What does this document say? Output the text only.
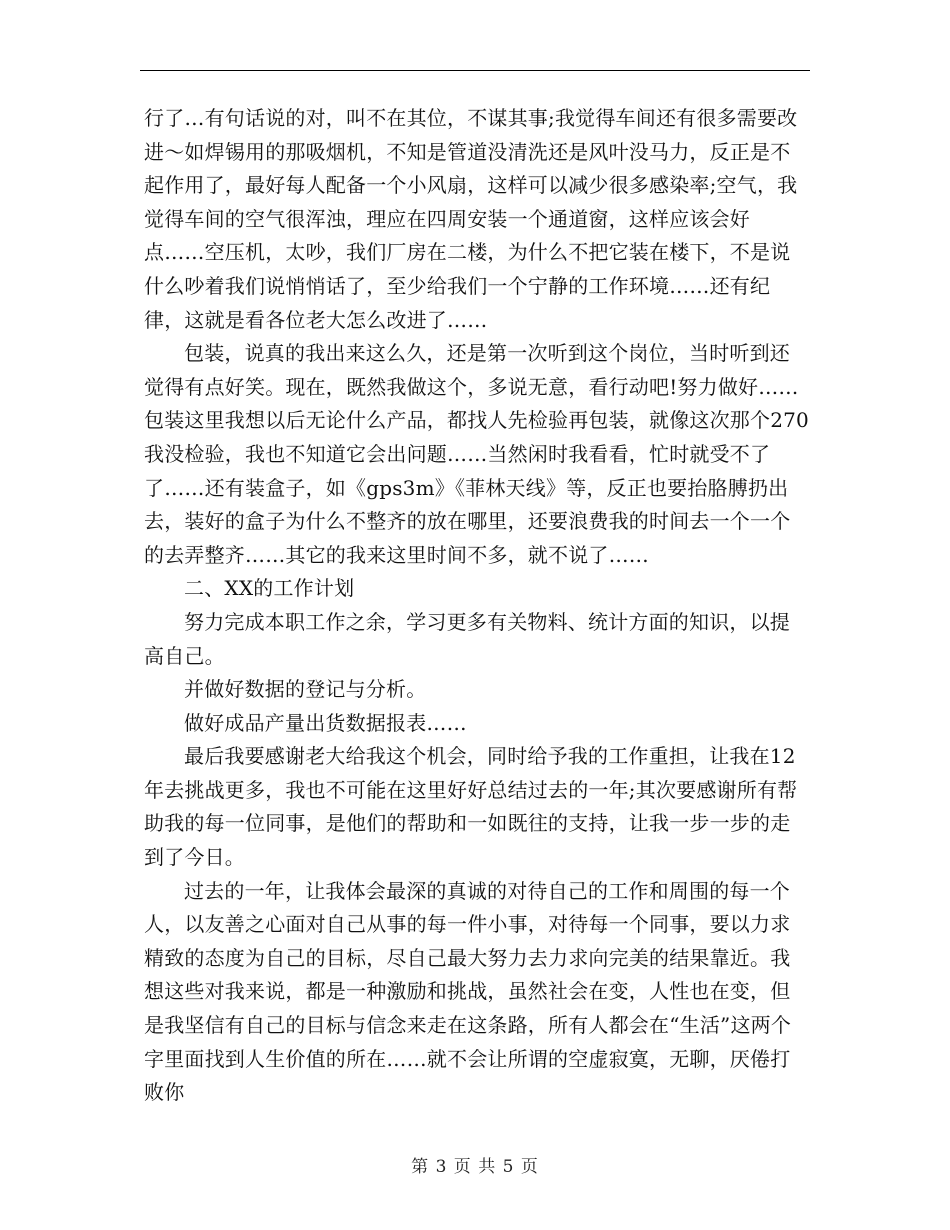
行了…有句话说的对，叫不在其位，不谋其事;我觉得车间还有很多需要改进～如焊锡用的那吸烟机，不知是管道没清洗还是风叶没马力，反正是不起作用了，最好每人配备一个小风扇，这样可以减少很多感染率;空气，我觉得车间的空气很浑浊，理应在四周安装一个通道窗，这样应该会好点……空压机，太吵，我们厂房在二楼，为什么不把它装在楼下，不是说什么吵着我们说悄悄话了，至少给我们一个宁静的工作环境……还有纪律，这就是看各位老大怎么改进了……

包装，说真的我出来这么久，还是第一次听到这个岗位，当时听到还觉得有点好笑。现在，既然我做这个，多说无意，看行动吧!努力做好……包装这里我想以后无论什么产品，都找人先检验再包装，就像这次那个270我没检验，我也不知道它会出问题……当然闲时我看看，忙时就受不了了……还有装盒子，如《gps3m》《菲林天线》等，反正也要抬胳膊扔出去，装好的盒子为什么不整齐的放在哪里，还要浪费我的时间去一个一个的去弄整齐……其它的我来这里时间不多，就不说了……

二、XX的工作计划

努力完成本职工作之余，学习更多有关物料、统计方面的知识，以提高自己。

并做好数据的登记与分析。

做好成品产量出货数据报表……

最后我要感谢老大给我这个机会，同时给予我的工作重担，让我在12年去挑战更多，我也不可能在这里好好总结过去的一年;其次要感谢所有帮助我的每一位同事，是他们的帮助和一如既往的支持，让我一步一步的走到了今日。

过去的一年，让我体会最深的真诚的对待自己的工作和周围的每一个人，以友善之心面对自己从事的每一件小事，对待每一个同事，要以力求精致的态度为自己的目标，尽自己最大努力去力求向完美的结果靠近。我想这些对我来说，都是一种激励和挑战，虽然社会在变，人性也在变，但是我坚信有自己的目标与信念来走在这条路，所有人都会在“生活”这两个字里面找到人生价值的所在……就不会让所谓的空虚寂寞，无聊，厌倦打败你

第 3 页 共 5 页
